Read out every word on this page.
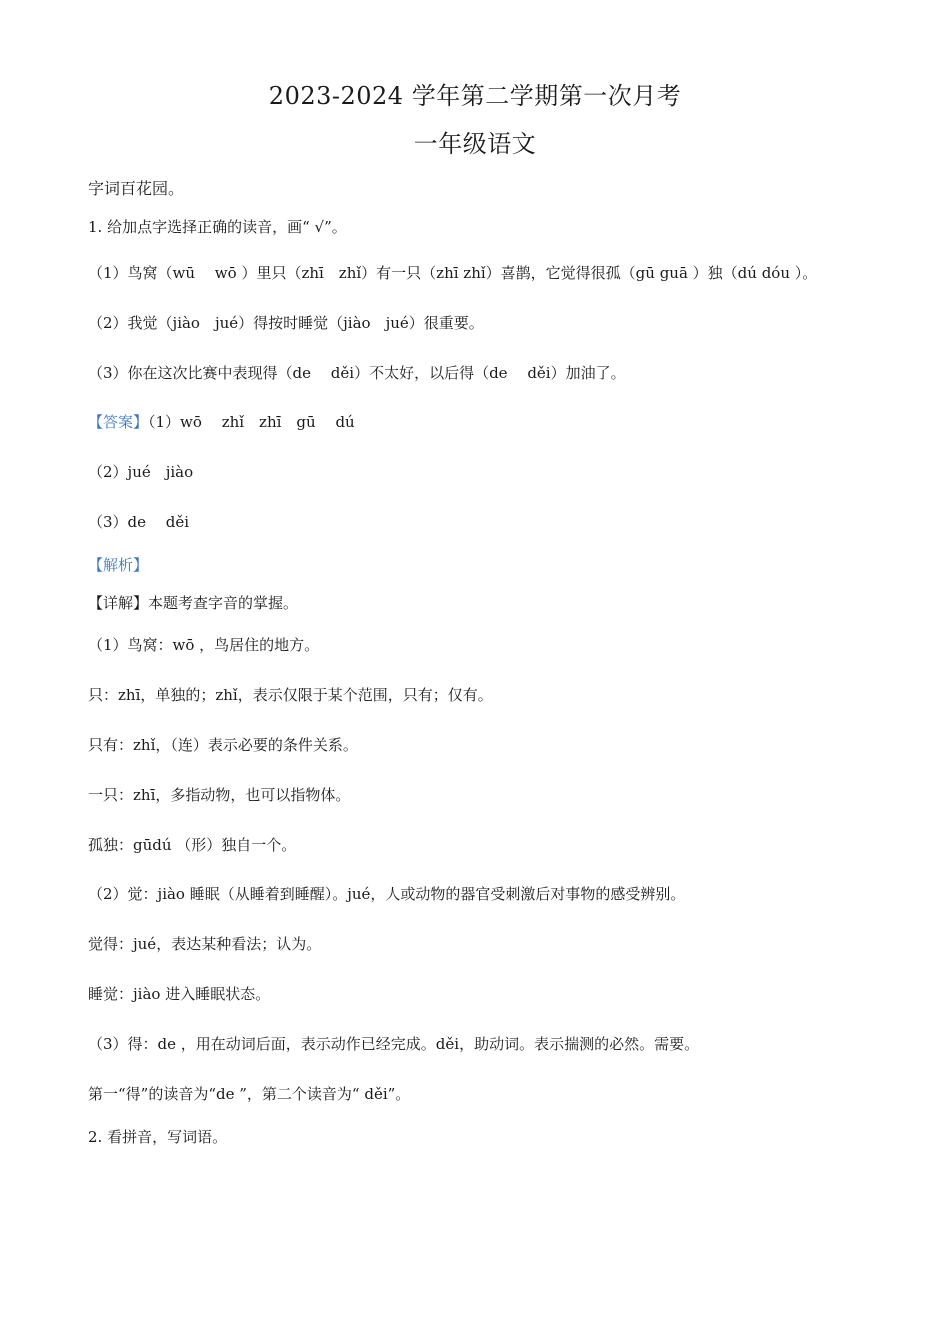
2023-2024 学年第二学期第一次月考
一年级语文
字词百花园。
1. 给加点字选择正确的读音，画“ √”。
（1）鸟窝（wū　 wō ）里只（zhī　zhǐ）有一只（zhī zhǐ）喜鹊，它觉得很孤（gū guā ）独（dú dóu ）。
（2）我觉（jiào　jué）得按时睡觉（jiào　jué）很重要。
（3）你在这次比赛中表现得（de　 děi）不太好，以后得（de　 děi）加油了。
【答案】（1）wō　 zhǐ　zhī　gū　 dú
（2）jué　jiào
（3）de　 děi
【解析】
【详解】本题考查字音的掌握。
（1）鸟窝：wō ，鸟居住的地方。
只：zhī，单独的；zhǐ，表示仅限于某个范围，只有；仅有。
只有：zhǐ，（连）表示必要的条件关系。
一只：zhī，多指动物，也可以指物体。
孤独：gūdú （形）独自一个。
（2）觉：jiào 睡眠（从睡着到睡醒）。jué，人或动物的器官受刺激后对事物的感受辨别。
觉得：jué，表达某种看法；认为。
睡觉：jiào 进入睡眠状态。
（3）得：de ，用在动词后面，表示动作已经完成。děi，助动词。表示揣测的必然。需要。
第一“得”的读音为“de ”，第二个读音为“ děi”。
2. 看拼音，写词语。
